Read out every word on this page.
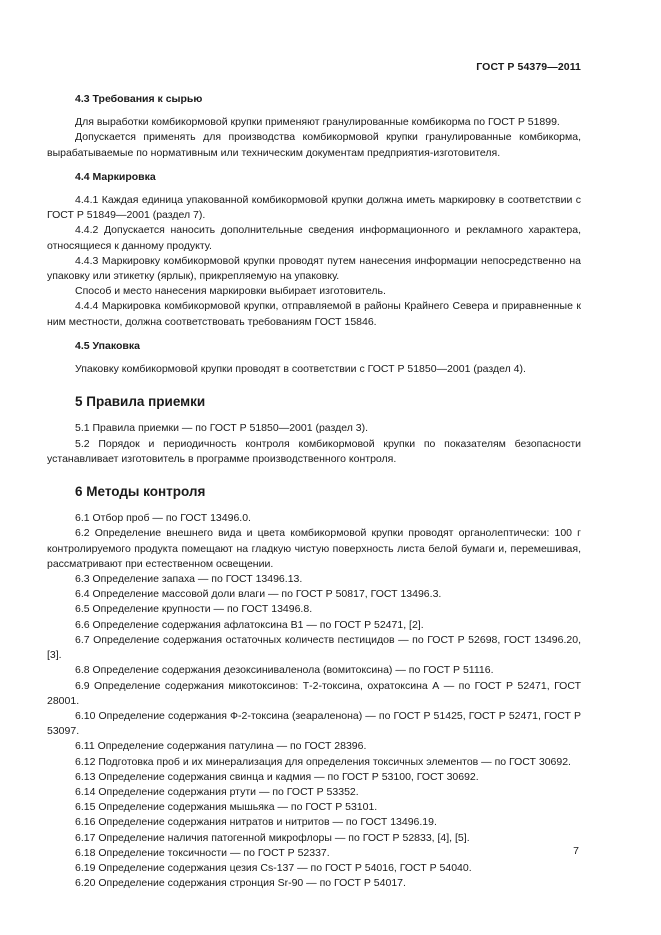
ГОСТ Р 54379—2011
4.3 Требования к сырью

Для выработки комбикормовой крупки применяют гранулированные комбикорма по ГОСТ Р 51899.

Допускается применять для производства комбикормовой крупки гранулированные комбикорма, вырабатываемые по нормативным или техническим документам предприятия-изготовителя.

4.4 Маркировка

4.4.1 Каждая единица упакованной комбикормовой крупки должна иметь маркировку в соответствии с ГОСТ Р 51849—2001 (раздел 7).

4.4.2 Допускается наносить дополнительные сведения информационного и рекламного характера, относящиеся к данному продукту.

4.4.3 Маркировку комбикормовой крупки проводят путем нанесения информации непосредственно на упаковку или этикетку (ярлык), прикрепляемую на упаковку.

Способ и место нанесения маркировки выбирает изготовитель.

4.4.4 Маркировка комбикормовой крупки, отправляемой в районы Крайнего Севера и приравненные к ним местности, должна соответствовать требованиям ГОСТ 15846.

4.5 Упаковка

Упаковку комбикормовой крупки проводят в соответствии с ГОСТ Р 51850—2001 (раздел 4).

5 Правила приемки

5.1 Правила приемки — по ГОСТ Р 51850—2001 (раздел 3).

5.2 Порядок и периодичность контроля комбикормовой крупки по показателям безопасности устанавливает изготовитель в программе производственного контроля.

6 Методы контроля

6.1 Отбор проб — по ГОСТ 13496.0.

6.2 Определение внешнего вида и цвета комбикормовой крупки проводят органолептически: 100 г контролируемого продукта помещают на гладкую чистую поверхность листа белой бумаги и, перемешивая, рассматривают при естественном освещении.

6.3 Определение запаха — по ГОСТ 13496.13.

6.4 Определение массовой доли влаги — по ГОСТ Р 50817, ГОСТ 13496.3.

6.5 Определение крупности — по ГОСТ 13496.8.

6.6 Определение содержания афлатоксина В1 — по ГОСТ Р 52471, [2].

6.7 Определение содержания остаточных количеств пестицидов — по ГОСТ Р 52698, ГОСТ 13496.20, [3].

6.8 Определение содержания дезоксиниваленола (вомитоксина) — по ГОСТ Р 51116.

6.9 Определение содержания микотоксинов: Т-2-токсина, охратоксина А — по ГОСТ Р 52471, ГОСТ 28001.

6.10 Определение содержания Ф-2-токсина (зеараленона) — по ГОСТ Р 51425, ГОСТ Р 52471, ГОСТ Р 53097.

6.11 Определение содержания патулина — по ГОСТ 28396.

6.12 Подготовка проб и их минерализация для определения токсичных элементов — по ГОСТ 30692.

6.13 Определение содержания свинца и кадмия — по ГОСТ Р 53100, ГОСТ 30692.

6.14 Определение содержания ртути — по ГОСТ Р 53352.

6.15 Определение содержания мышьяка — по ГОСТ Р 53101.

6.16 Определение содержания нитратов и нитритов — по ГОСТ 13496.19.

6.17 Определение наличия патогенной микрофлоры — по ГОСТ Р 52833, [4], [5].

6.18 Определение токсичности — по ГОСТ Р 52337.

6.19 Определение содержания цезия Cs-137 — по ГОСТ Р 54016, ГОСТ Р 54040.

6.20 Определение содержания стронция Sr-90 — по ГОСТ Р 54017.

7
